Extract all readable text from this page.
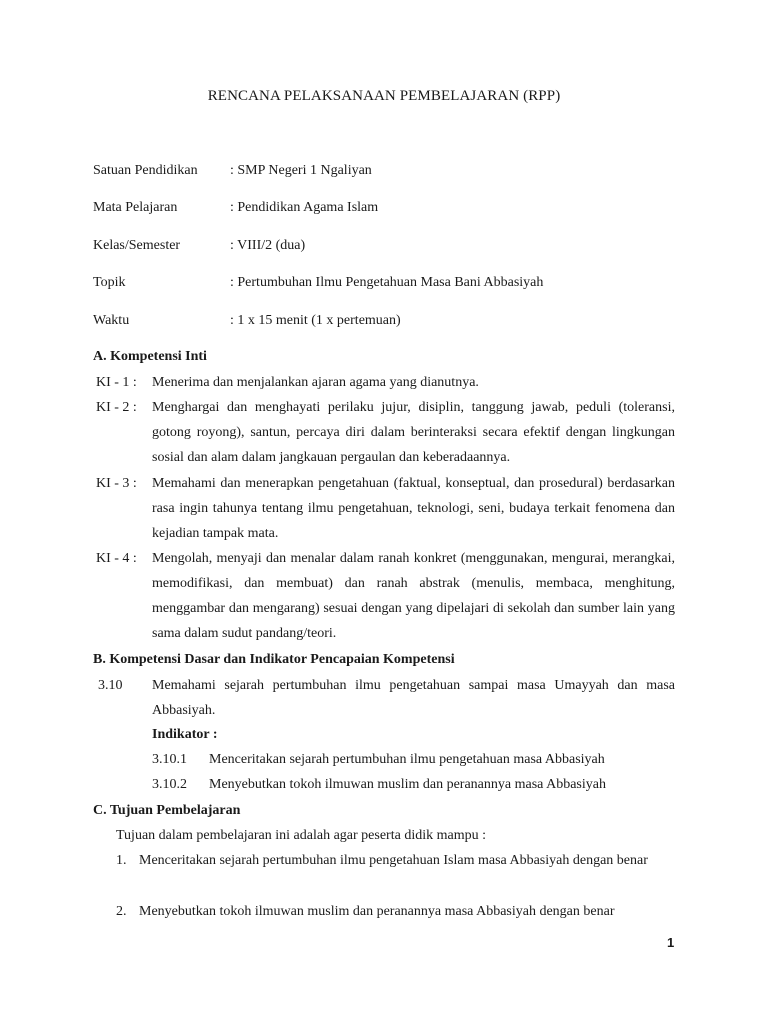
RENCANA PELAKSANAAN PEMBELAJARAN (RPP)
Satuan Pendidikan : SMP Negeri 1 Ngaliyan
Mata Pelajaran	: Pendidikan Agama Islam
Kelas/Semester	: VIII/2 (dua)
Topik	: Pertumbuhan Ilmu Pengetahuan Masa Bani Abbasiyah
Waktu	: 1 x 15 menit (1 x pertemuan)
A. Kompetensi Inti
KI - 1 : Menerima dan menjalankan ajaran agama yang dianutnya.
KI - 2 : Menghargai dan menghayati perilaku jujur, disiplin, tanggung jawab, peduli (toleransi, gotong royong), santun, percaya diri dalam berinteraksi secara efektif dengan lingkungan sosial dan alam dalam jangkauan pergaulan dan keberadaannya.
KI - 3 : Memahami dan menerapkan pengetahuan (faktual, konseptual, dan prosedural) berdasarkan rasa ingin tahunya tentang ilmu pengetahuan, teknologi, seni, budaya terkait fenomena dan kejadian tampak mata.
KI - 4 : Mengolah, menyaji dan menalar dalam ranah konkret (menggunakan, mengurai, merangkai, memodifikasi, dan membuat) dan ranah abstrak (menulis, membaca, menghitung, menggambar dan mengarang) sesuai dengan yang dipelajari di sekolah dan sumber lain yang sama dalam sudut pandang/teori.
B. Kompetensi Dasar dan Indikator Pencapaian Kompetensi
3.10 Memahami sejarah pertumbuhan ilmu pengetahuan sampai masa Umayyah dan masa Abbasiyah.
Indikator :
3.10.1 Menceritakan sejarah pertumbuhan ilmu pengetahuan masa Abbasiyah
3.10.2 Menyebutkan tokoh ilmuwan muslim dan peranannya masa Abbasiyah
C. Tujuan Pembelajaran
Tujuan dalam pembelajaran ini adalah agar peserta didik mampu :
1. Menceritakan sejarah pertumbuhan ilmu pengetahuan Islam masa Abbasiyah dengan benar
2. Menyebutkan tokoh ilmuwan muslim dan peranannya masa Abbasiyah dengan benar
1
